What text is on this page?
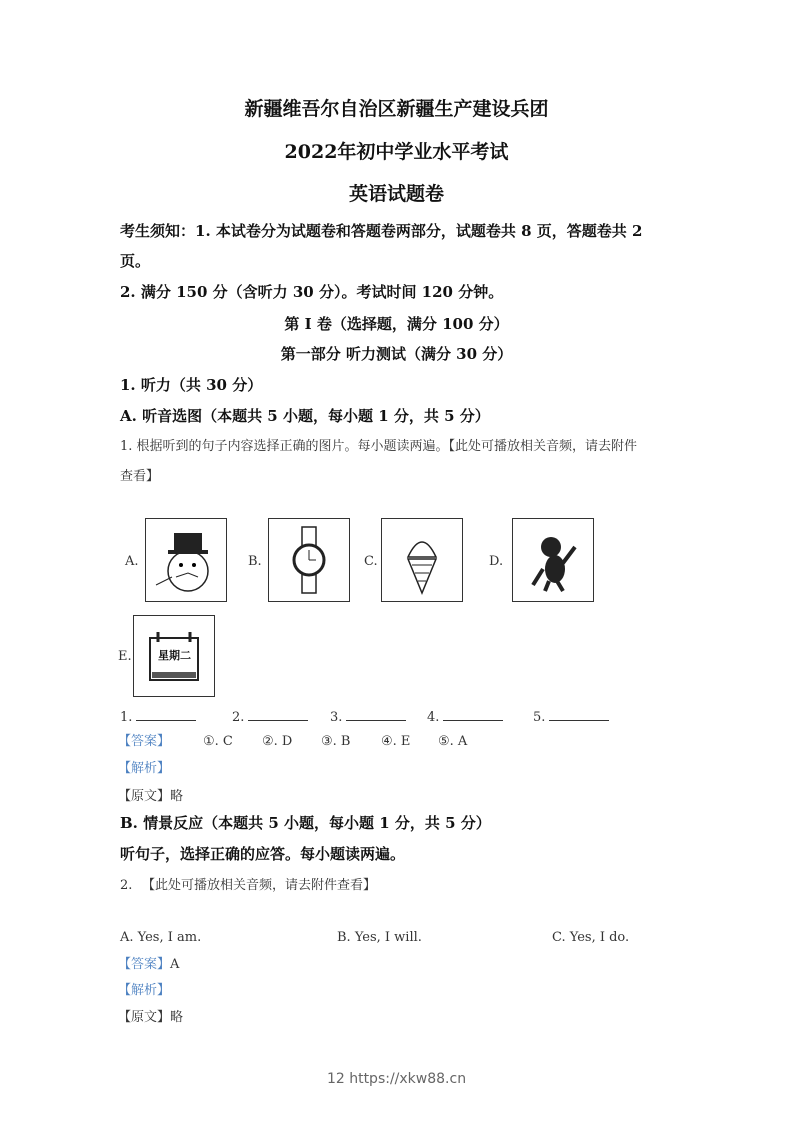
新疆维吾尔自治区新疆生产建设兵团
2022年初中学业水平考试
英语试题卷
考生须知：1. 本试卷分为试题卷和答题卷两部分，试题卷共 8 页，答题卷共 2
页。
2. 满分 150 分（含听力 30 分）。考试时间 120 分钟。
第 I 卷（选择题，满分 100 分）
第一部分 听力测试（满分 30 分）
1. 听力（共 30 分）
A. 听音选图（本题共 5 小题，每小题 1 分，共 5 分）
1. 根据听到的句子内容选择正确的图片。每小题读两遍。【此处可播放相关音频，请去附件
查看】
A.	B.	C.	D.
E. 星期二
1.	2.	3.	4.	5.
【答案】	①. C ②. D ③. B ④. E ⑤. A
【解析】
【原文】略
B. 情景反应（本题共 5 小题，每小题 1 分，共 5 分）
听句子，选择正确的应答。每小题读两遍。
2. 【此处可播放相关音频，请去附件查看】
A. Yes, I am.	B. Yes, I will.	C. Yes, I do.
【答案】A
【解析】
【原文】略
12 https://xkw88.cn
